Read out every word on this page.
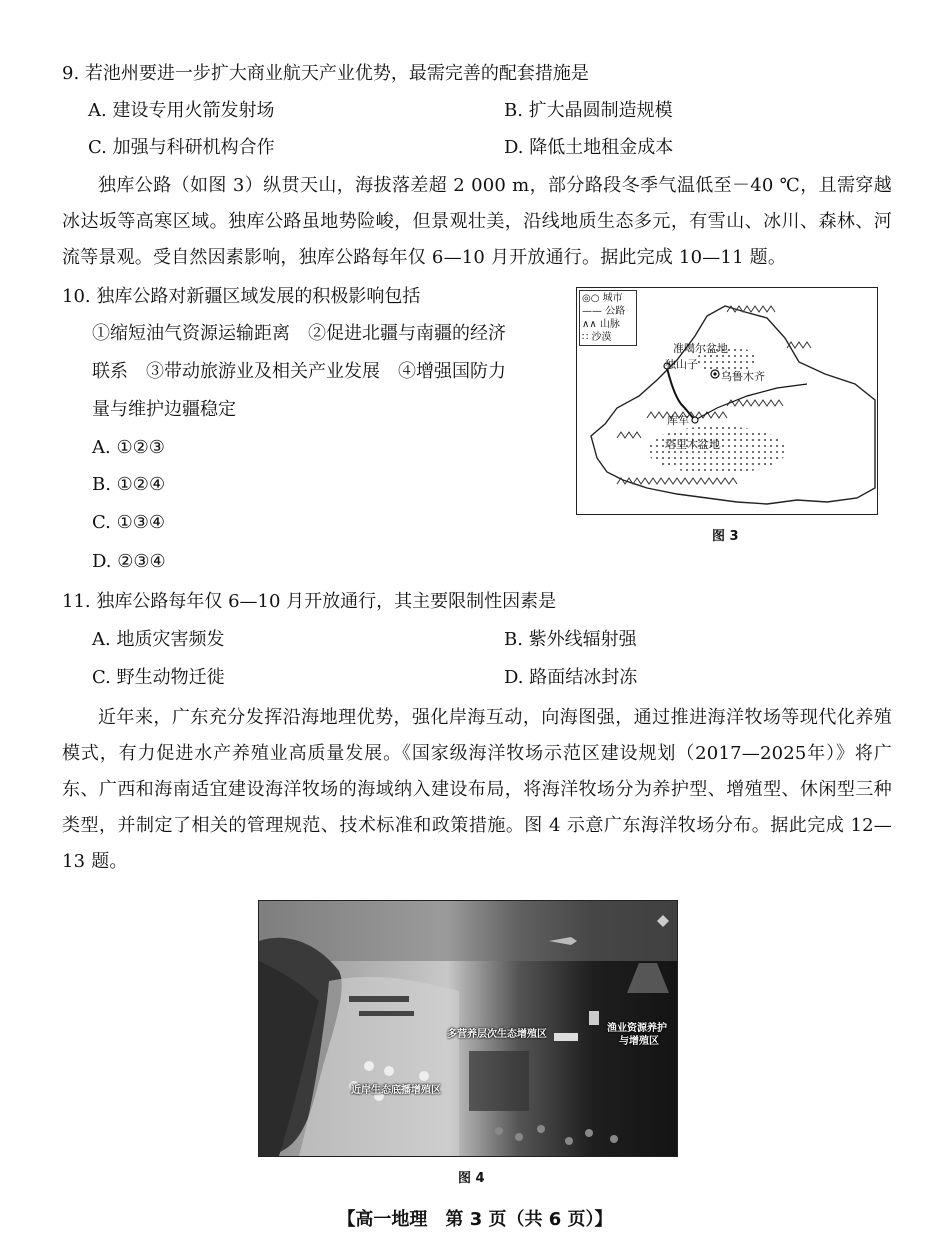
9. 若池州要进一步扩大商业航天产业优势，最需完善的配套措施是
A. 建设专用火箭发射场	B. 扩大晶圆制造规模
C. 加强与科研机构合作	D. 降低土地租金成本
独库公路（如图 3）纵贯天山，海拔落差超 2 000 m，部分路段冬季气温低至－40 ℃，且需穿越冰达坂等高寒区域。独库公路虽地势险峻，但景观壮美，沿线地质生态多元，有雪山、冰川、森林、河流等景观。受自然因素影响，独库公路每年仅 6—10 月开放通行。据此完成 10—11 题。
10. 独库公路对新疆区域发展的积极影响包括
①缩短油气资源运输距离　②促进北疆与南疆的经济
联系　③带动旅游业及相关产业发展　④增强国防力
量与维护边疆稳定
A. ①②③
B. ①②④
C. ①③④
D. ②③④
◎○ 城市
—— 公路
∧∧ 山脉
∷ 沙漠
准噶尔盆地
独山子
乌鲁木齐
库车
塔里木盆地
图 3
11. 独库公路每年仅 6—10 月开放通行，其主要限制性因素是
A. 地质灾害频发	B. 紫外线辐射强
C. 野生动物迁徙	D. 路面结冰封冻
近年来，广东充分发挥沿海地理优势，强化岸海互动，向海图强，通过推进海洋牧场等现代化养殖模式，有力促进水产养殖业高质量发展。《国家级海洋牧场示范区建设规划（2017—2025年）》将广东、广西和海南适宜建设海洋牧场的海域纳入建设布局，将海洋牧场分为养护型、增殖型、休闲型三种类型，并制定了相关的管理规范、技术标准和政策措施。图 4 示意广东海洋牧场分布。据此完成 12—13 题。
近岸生态底播增殖区
多营养层次生态增殖区
渔业资源养护
与增殖区
图 4
【高一地理　第 3 页（共 6 页）】
